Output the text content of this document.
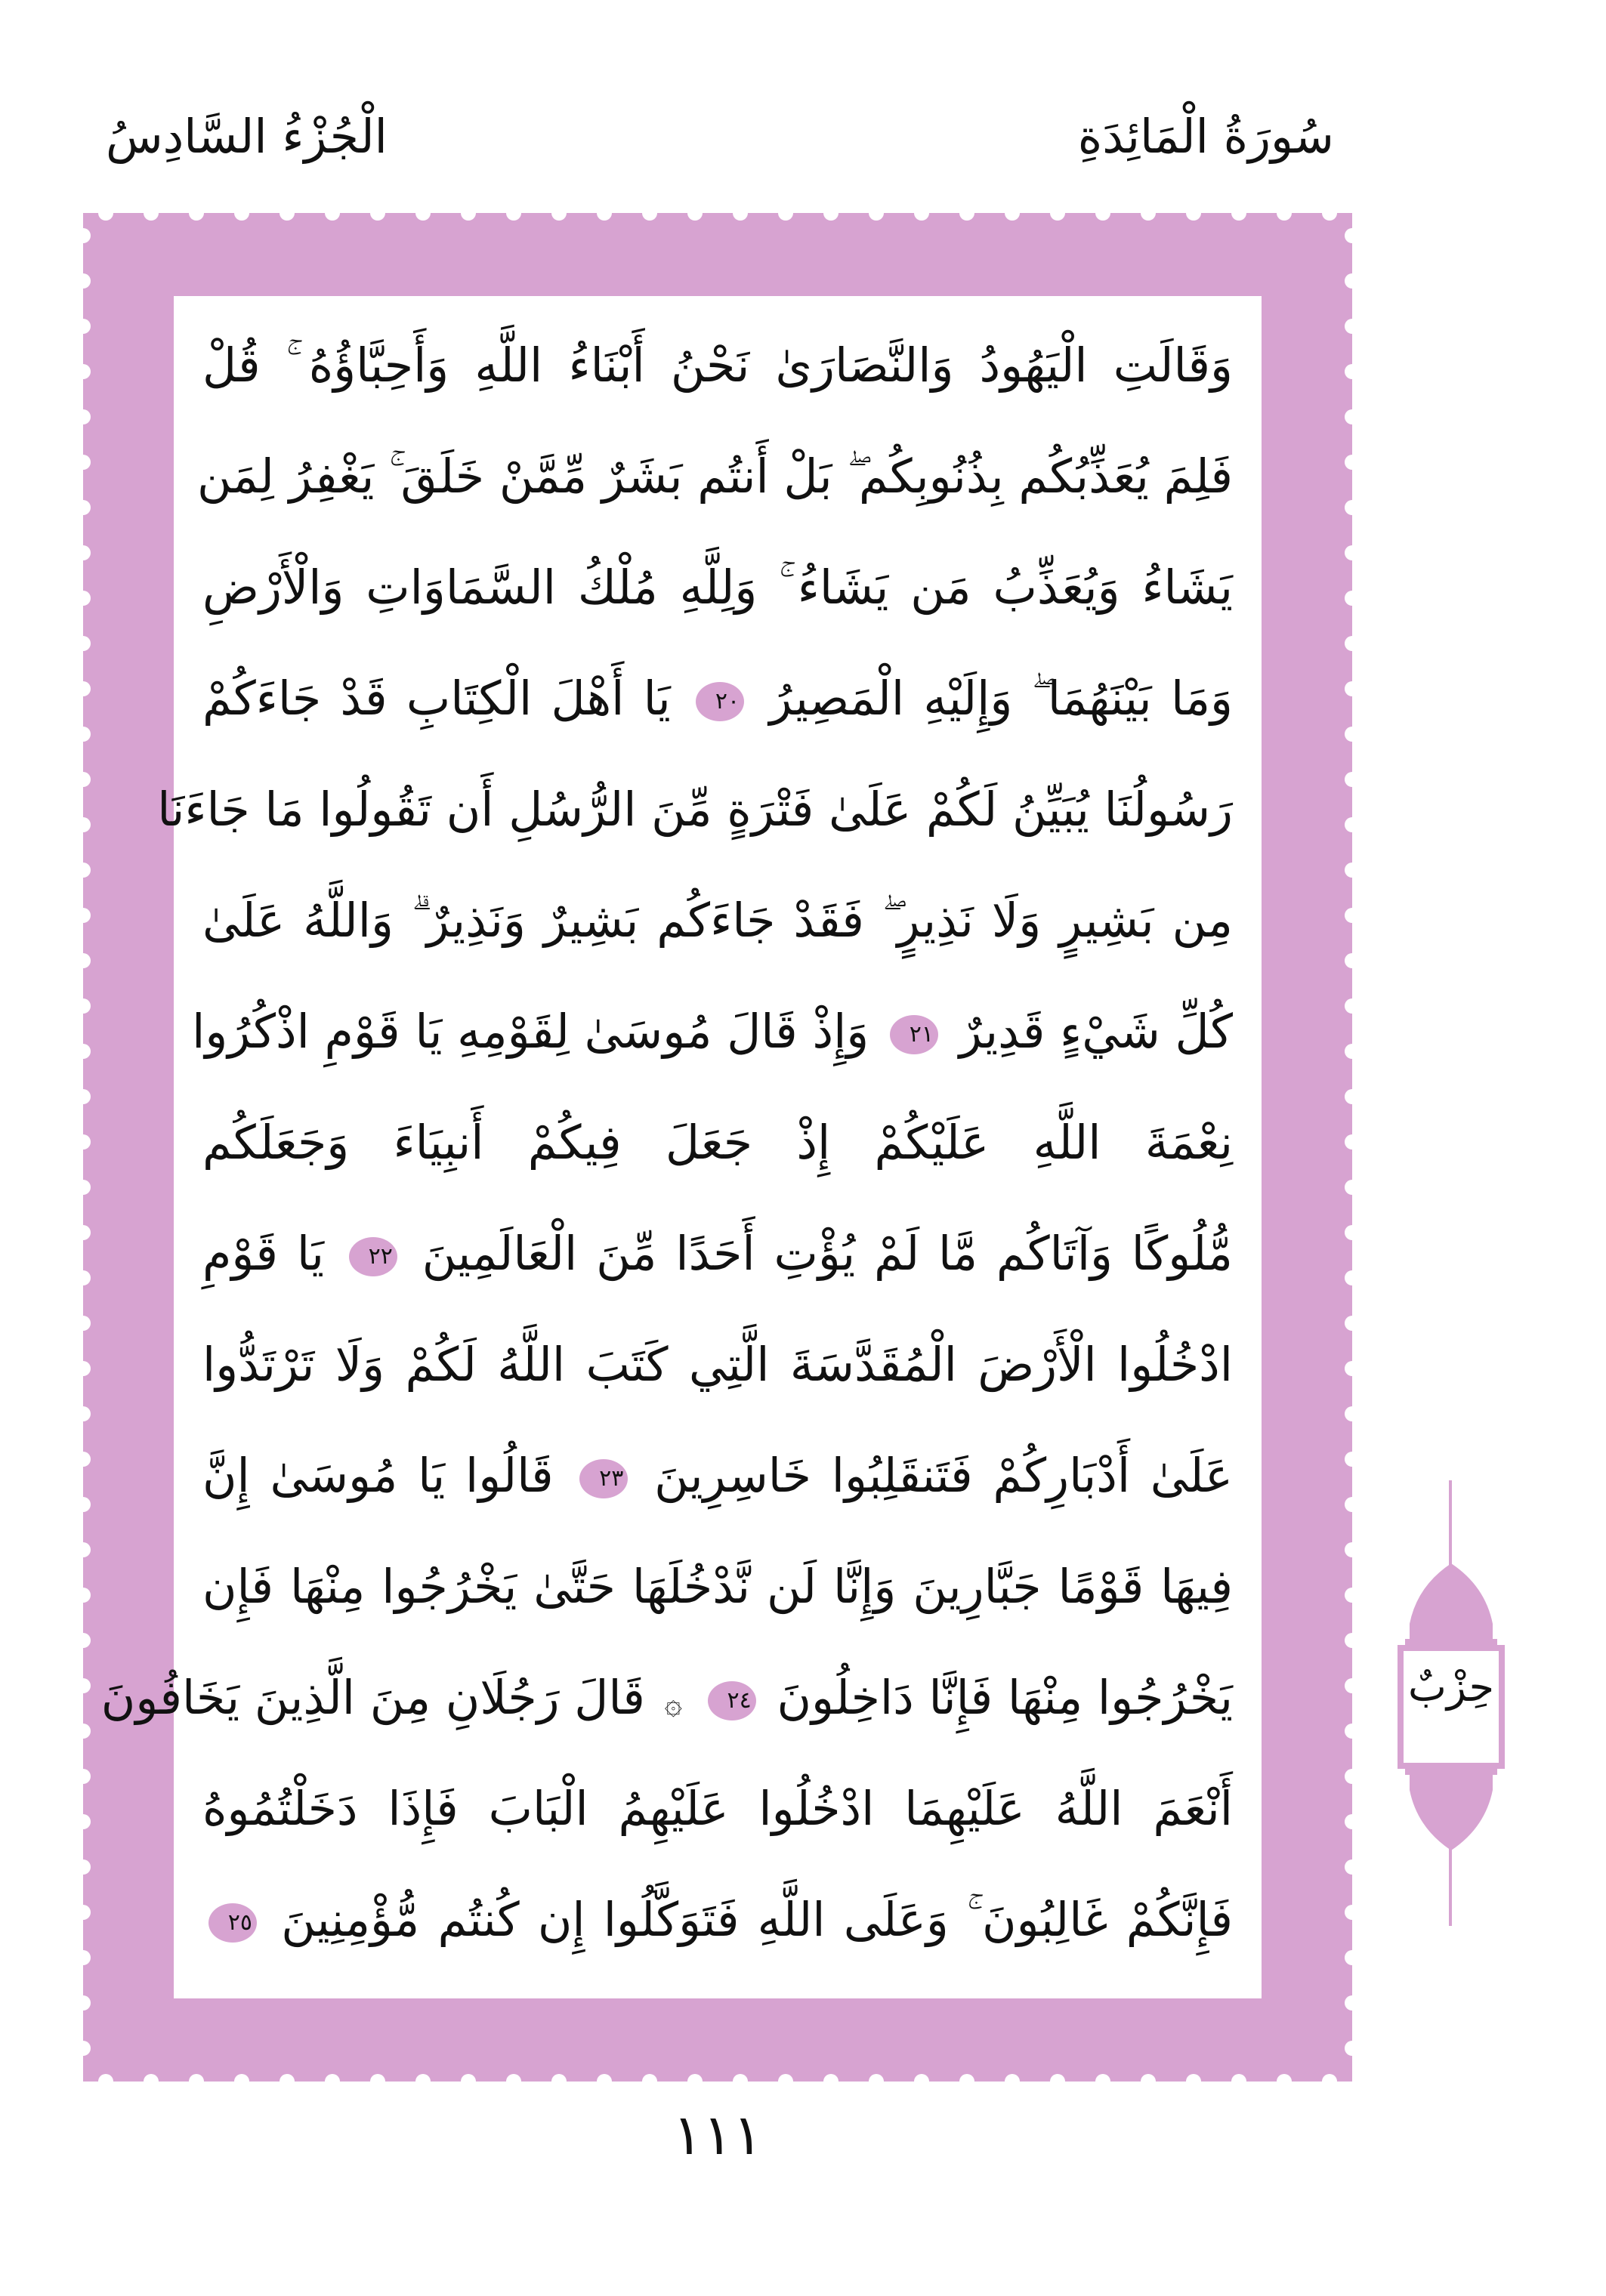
سُورَةُ الْمَائِدَةِ
الْجُزْءُ السَّادِسُ
وَقَالَتِ الْيَهُودُ وَالنَّصَارَىٰ نَحْنُ أَبْنَاءُ اللَّهِ وَأَحِبَّاؤُهُ ۚ قُلْ
فَلِمَ يُعَذِّبُكُم بِذُنُوبِكُم ۖ بَلْ أَنتُم بَشَرٌ مِّمَّنْ خَلَقَ ۚ يَغْفِرُ لِمَن
يَشَاءُ وَيُعَذِّبُ مَن يَشَاءُ ۚ وَلِلَّهِ مُلْكُ السَّمَاوَاتِ وَالْأَرْضِ
وَمَا بَيْنَهُمَا ۖ وَإِلَيْهِ الْمَصِيرُ ٢٠ يَا أَهْلَ الْكِتَابِ قَدْ جَاءَكُمْ
رَسُولُنَا يُبَيِّنُ لَكُمْ عَلَىٰ فَتْرَةٍ مِّنَ الرُّسُلِ أَن تَقُولُوا مَا جَاءَنَا
مِن بَشِيرٍ وَلَا نَذِيرٍ ۖ فَقَدْ جَاءَكُم بَشِيرٌ وَنَذِيرٌ ۗ وَاللَّهُ عَلَىٰ
كُلِّ شَيْءٍ قَدِيرٌ ٢١ وَإِذْ قَالَ مُوسَىٰ لِقَوْمِهِ يَا قَوْمِ اذْكُرُوا
نِعْمَةَ اللَّهِ عَلَيْكُمْ إِذْ جَعَلَ فِيكُمْ أَنبِيَاءَ وَجَعَلَكُم
مُّلُوكًا وَآتَاكُم مَّا لَمْ يُؤْتِ أَحَدًا مِّنَ الْعَالَمِينَ ٢٢ يَا قَوْمِ
ادْخُلُوا الْأَرْضَ الْمُقَدَّسَةَ الَّتِي كَتَبَ اللَّهُ لَكُمْ وَلَا تَرْتَدُّوا
عَلَىٰ أَدْبَارِكُمْ فَتَنقَلِبُوا خَاسِرِينَ ٢٣ قَالُوا يَا مُوسَىٰ إِنَّ
فِيهَا قَوْمًا جَبَّارِينَ وَإِنَّا لَن نَّدْخُلَهَا حَتَّىٰ يَخْرُجُوا مِنْهَا فَإِن
يَخْرُجُوا مِنْهَا فَإِنَّا دَاخِلُونَ ٢٤ ۞ قَالَ رَجُلَانِ مِنَ الَّذِينَ يَخَافُونَ
أَنْعَمَ اللَّهُ عَلَيْهِمَا ادْخُلُوا عَلَيْهِمُ الْبَابَ فَإِذَا دَخَلْتُمُوهُ
فَإِنَّكُمْ غَالِبُونَ ۚ وَعَلَى اللَّهِ فَتَوَكَّلُوا إِن كُنتُم مُّؤْمِنِينَ ٢٥
حِزْبٌ
١١١
